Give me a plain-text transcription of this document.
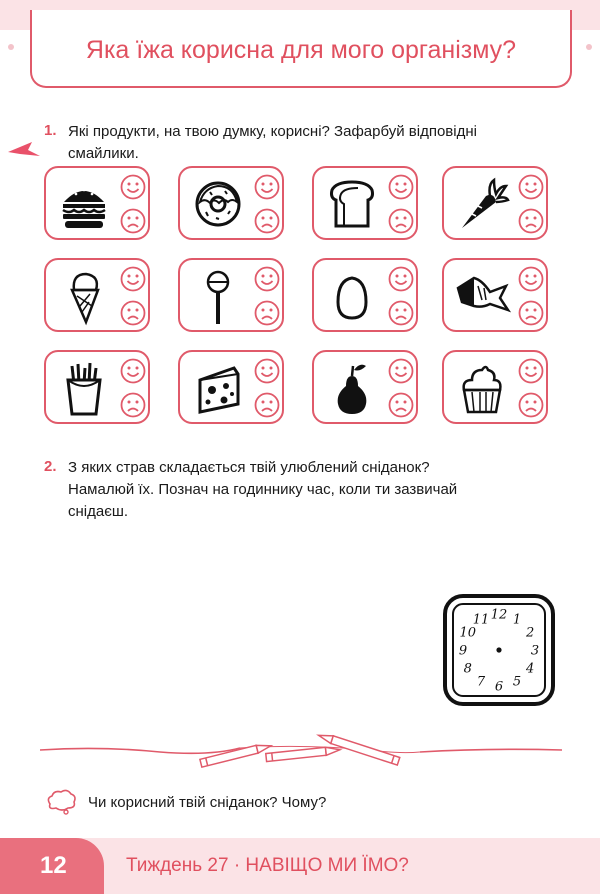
Яка їжа корисна для мого організму?
1. Які продукти, на твою думку, корисні? Зафарбуй відповідні
смайлики.
2. З яких страв складається твій улюблений сніданок?
Намалюй їх. Познач на годиннику час, коли ти зазвичай
снідаєш.
12 1
2
3
4
5
6
7
8
9
10
11
Чи корисний твій сніданок? Чому?
12	Тиждень 27 · НАВІЩО МИ ЇМО?
